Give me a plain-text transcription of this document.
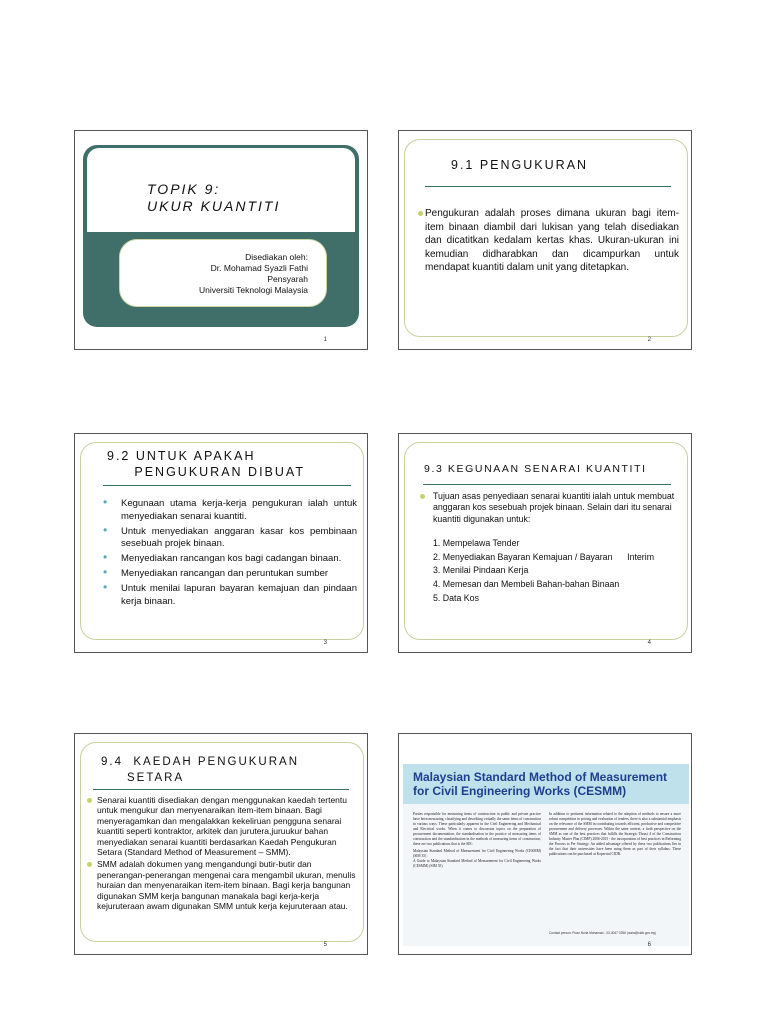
TOPIK 9:
UKUR KUANTITI
Disediakan oleh:
Dr. Mohamad Syazli Fathi
Pensyarah
Universiti Teknologi Malaysia
1
9.1 PENGUKURAN
Pengukuran adalah proses dimana ukuran bagi item-item binaan diambil dari lukisan yang telah disediakan dan dicatitkan kedalam kertas khas. Ukuran-ukuran ini kemudian didharabkan dan dicampurkan untuk mendapat kuantiti dalam unit yang ditetapkan.
2
9.2 UNTUK APAKAH
PENGUKURAN DIBUAT
• Kegunaan utama kerja-kerja pengukuran ialah untuk menyediakan senarai kuantiti.
• Untuk menyediakan anggaran kasar kos pembinaan sesebuah projek binaan.
• Menyediakan rancangan kos bagi cadangan binaan.
• Menyediakan rancangan dan peruntukan sumber
• Untuk menilai lapuran bayaran kemajuan dan pindaan kerja binaan.
3
9.3 KEGUNAAN SENARAI KUANTITI
Tujuan asas penyediaan senarai kuantiti ialah untuk membuat anggaran kos sesebuah projek binaan. Selain dari itu senarai kuantiti digunakan untuk:
1. Mempelawa Tender
2. Menyediakan Bayaran Kemajuan / Bayaran      Interim
3. Menilai Pindaan Kerja
4. Memesan dan Membeli Bahan-bahan Binaan
5. Data Kos
4
9.4  KAEDAH PENGUKURAN
SETARA
Senarai kuantiti disediakan dengan menggunakan kaedah tertentu untuk mengukur dan menyenaraikan item-item binaan. Bagi menyeragamkan dan mengalakkan kekeliruan pengguna senarai kuantiti seperti kontraktor, arkitek dan jurutera,juruukur bahan menyediakan senarai kuantiti berdasarkan Kaedah Pengukuran Setara (Standard Method of Measurement – SMM).
SMM adalah dokumen yang mengandungi butir-butir dan penerangan-penerangan mengenai cara mengambil ukuran, menulis huraian dan menyenaraikan item-item binaan. Bagi kerja bangunan digunakan SMM kerja bangunan manakala bagi kerja-kerja kejuruteraan awam digunakan SMM untuk kerja kejuruteraan atau.
5
Malaysian Standard Method of Measurement for Civil Engineering Works (CESMM)
Parties responsible for measuring items of construction in public and private practice have been measuring, classifying and describing virtually the same items of construction in various ways. These particularly apparent in the Civil Engineering and Mechanical and Electrical works. When it comes to discussion topics on the preparation of procurement documentation, the standardisation in the practice of measuring items of construction and the standardisation in the methods of measuring items of construction, these are two publications that is the SIE:
Malaysian Standard Method of Measurement for Civil Engineering Works (CESMM) (SIM 35)
A Guide to Malaysian Standard Method of Measurement for Civil Engineering Works (CESMM) (SIM 35)
In addition to pertinent information related to the adoption of methods to ensure a more robust competition in pricing and evaluation of tenders, there is also a substantial emphasis on the relevance of the SMM in contributing towards efficient, productive and competitive procurement and delivery processes. Within the same context, a forth perspective on the SMM as one of the best practices that fulfills the Strategic Thrust 4 of the Construction Industry Master Plan (CIMP) 2006-2015 - the incorporation of best practices in Reforming the Process to Per Strategy. An added advantage offered by these two publications lies in the fact that their universities have been using them as part of their syllabus. These publications can be purchased at Kopersial CIDB.
Contact person: Puan Nuria Mohamad - 03-4047 0256 (nuria@cidb.gov.my)
6
